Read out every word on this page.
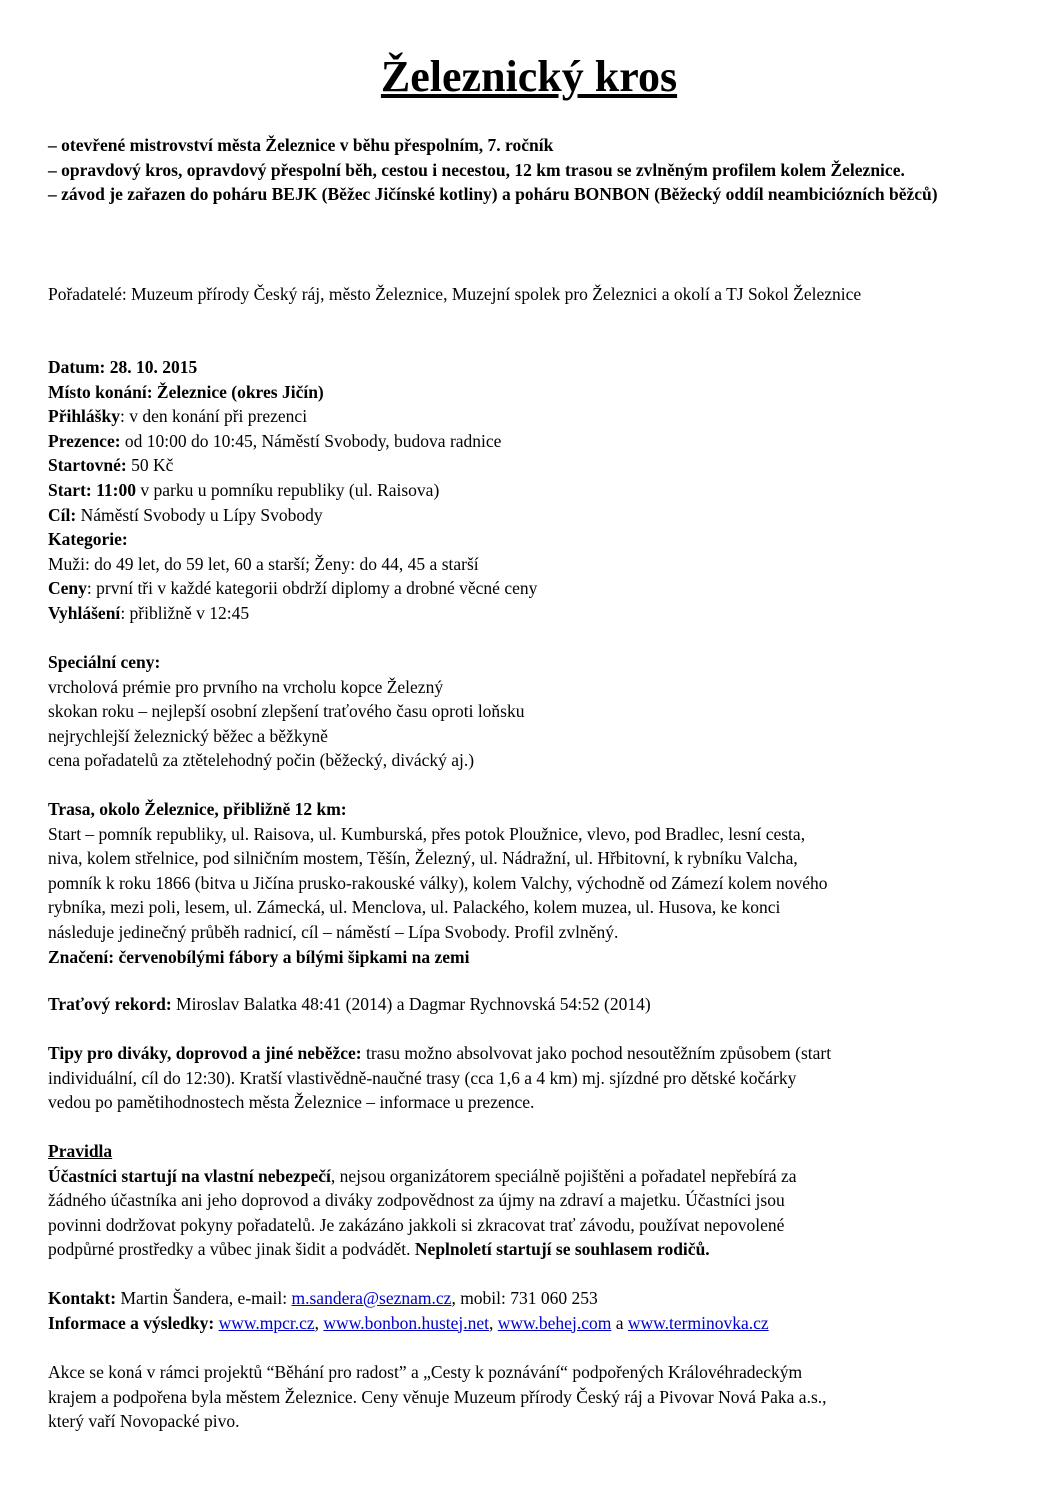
Železnický kros
– otevřené mistrovství města Železnice v běhu přespolním, 7. ročník
– opravdový kros, opravdový přespolní běh, cestou i necestou, 12 km trasou se zvlněným profilem kolem Železnice.
– závod je zařazen do poháru BEJK (Běžec Jičínské kotliny) a poháru BONBON (Běžecký oddíl neambiciózních běžců)

Pořadatelé: Muzeum přírody Český ráj, město Železnice, Muzejní spolek pro Železnici a okolí a TJ Sokol Železnice

Datum: 28. 10. 2015

Místo konání: Železnice (okres Jičín)

Přihlášky: v den konání při prezenci

Prezence: od 10:00 do 10:45, Náměstí Svobody, budova radnice

Startovné: 50 Kč

Start: 11:00 v parku u pomníku republiky (ul. Raisova)

Cíl: Náměstí Svobody u Lípy Svobody

Kategorie:

Muži: do 49 let, do 59 let, 60 a starší; Ženy: do 44, 45 a starší

Ceny: první tři v každé kategorii obdrží diplomy a drobné věcné ceny

Vyhlášení: přibližně v 12:45

Speciální ceny:

vrcholová prémie pro prvního na vrcholu kopce Železný

skokan roku – nejlepší osobní zlepšení traťového času oproti loňsku

nejrychlejší železnický běžec a běžkyně

cena pořadatelů za ztětelehodný počin (běžecký, divácký aj.)

Trasa, okolo Železnice, přibližně 12 km:

Start – pomník republiky, ul. Raisova, ul. Kumburská, přes potok Ploužnice, vlevo, pod Bradlec, lesní cesta,

niva, kolem střelnice, pod silničním mostem, Těšín, Železný, ul. Nádražní, ul. Hřbitovní, k rybníku Valcha,

pomník k roku 1866 (bitva u Jičína prusko-rakouské války), kolem Valchy, východně od Zámezí kolem nového

rybníka, mezi poli, lesem, ul. Zámecká, ul. Menclova, ul. Palackého, kolem muzea, ul. Husova, ke konci

následuje jedinečný průběh radnicí, cíl – náměstí – Lípa Svobody. Profil zvlněný.

Značení: červenobílými fábory a bílými šipkami na zemi

Traťový rekord: Miroslav Balatka 48:41 (2014) a Dagmar Rychnovská 54:52 (2014)

Tipy pro diváky, doprovod a jiné neběžce: trasu možno absolvovat jako pochod nesoutěžním způsobem (start

individuální, cíl do 12:30). Kratší vlastivědně-naučné trasy (cca 1,6 a 4 km) mj. sjízdné pro dětské kočárky

vedou po pamětihodnostech města Železnice – informace u prezence.

Pravidla

Účastníci startují na vlastní nebezpečí, nejsou organizátorem speciálně pojištěni a pořadatel nepřebírá za

žádného účastníka ani jeho doprovod a diváky zodpovědnost za újmy na zdraví a majetku. Účastníci jsou

povinni dodržovat pokyny pořadatelů. Je zakázáno jakkoli si zkracovat trať závodu, používat nepovolené

podpůrné prostředky a vůbec jinak šidit a podvádět. Neplnoletí startují se souhlasem rodičů.

Kontakt: Martin Šandera, e-mail: m.sandera@seznam.cz, mobil: 731 060 253

Informace a výsledky: www.mpcr.cz, www.bonbon.hustej.net, www.behej.com a www.terminovka.cz

Akce se koná v rámci projektů “Běhání pro radost” a „Cesty k poznávání“ podpořených Královéhradeckým

krajem a podpořena byla městem Železnice. Ceny věnuje Muzeum přírody Český ráj a Pivovar Nová Paka a.s.,

který vaří Novopacké pivo.
